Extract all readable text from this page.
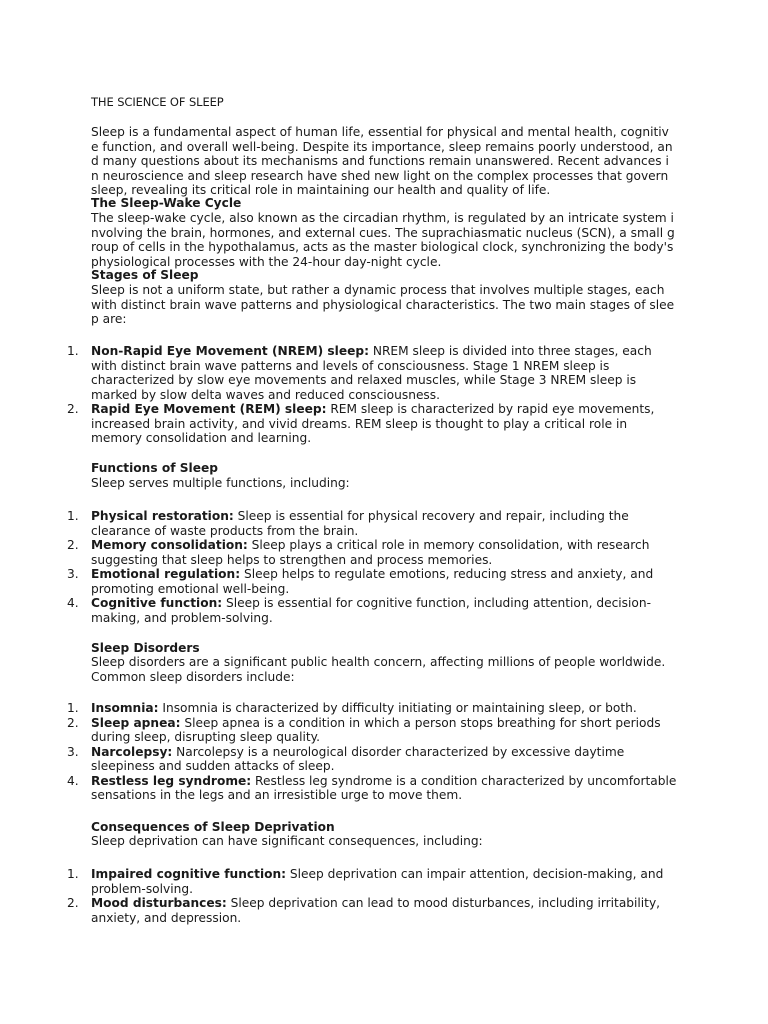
THE SCIENCE OF SLEEP
Sleep is a fundamental aspect of human life, essential for physical and mental health, cognitive function, and overall well-being. Despite its importance, sleep remains poorly understood, and many questions about its mechanisms and functions remain unanswered. Recent advances in neuroscience and sleep research have shed new light on the complex processes that govern sleep, revealing its critical role in maintaining our health and quality of life.
The Sleep-Wake Cycle
The sleep-wake cycle, also known as the circadian rhythm, is regulated by an intricate system involving the brain, hormones, and external cues. The suprachiasmatic nucleus (SCN), a small group of cells in the hypothalamus, acts as the master biological clock, synchronizing the body's physiological processes with the 24-hour day-night cycle.
Stages of Sleep
Sleep is not a uniform state, but rather a dynamic process that involves multiple stages, each with distinct brain wave patterns and physiological characteristics. The two main stages of sleep are:
1. Non-Rapid Eye Movement (NREM) sleep: NREM sleep is divided into three stages, each with distinct brain wave patterns and levels of consciousness. Stage 1 NREM sleep is characterized by slow eye movements and relaxed muscles, while Stage 3 NREM sleep is marked by slow delta waves and reduced consciousness.
2. Rapid Eye Movement (REM) sleep: REM sleep is characterized by rapid eye movements, increased brain activity, and vivid dreams. REM sleep is thought to play a critical role in memory consolidation and learning.
Functions of Sleep
Sleep serves multiple functions, including:
1. Physical restoration: Sleep is essential for physical recovery and repair, including the clearance of waste products from the brain.
2. Memory consolidation: Sleep plays a critical role in memory consolidation, with research suggesting that sleep helps to strengthen and process memories.
3. Emotional regulation: Sleep helps to regulate emotions, reducing stress and anxiety, and promoting emotional well-being.
4. Cognitive function: Sleep is essential for cognitive function, including attention, decision-making, and problem-solving.
Sleep Disorders
Sleep disorders are a significant public health concern, affecting millions of people worldwide. Common sleep disorders include:
1. Insomnia: Insomnia is characterized by difficulty initiating or maintaining sleep, or both.
2. Sleep apnea: Sleep apnea is a condition in which a person stops breathing for short periods during sleep, disrupting sleep quality.
3. Narcolepsy: Narcolepsy is a neurological disorder characterized by excessive daytime sleepiness and sudden attacks of sleep.
4. Restless leg syndrome: Restless leg syndrome is a condition characterized by uncomfortable sensations in the legs and an irresistible urge to move them.
Consequences of Sleep Deprivation
Sleep deprivation can have significant consequences, including:
1. Impaired cognitive function: Sleep deprivation can impair attention, decision-making, and problem-solving.
2. Mood disturbances: Sleep deprivation can lead to mood disturbances, including irritability, anxiety, and depression.
